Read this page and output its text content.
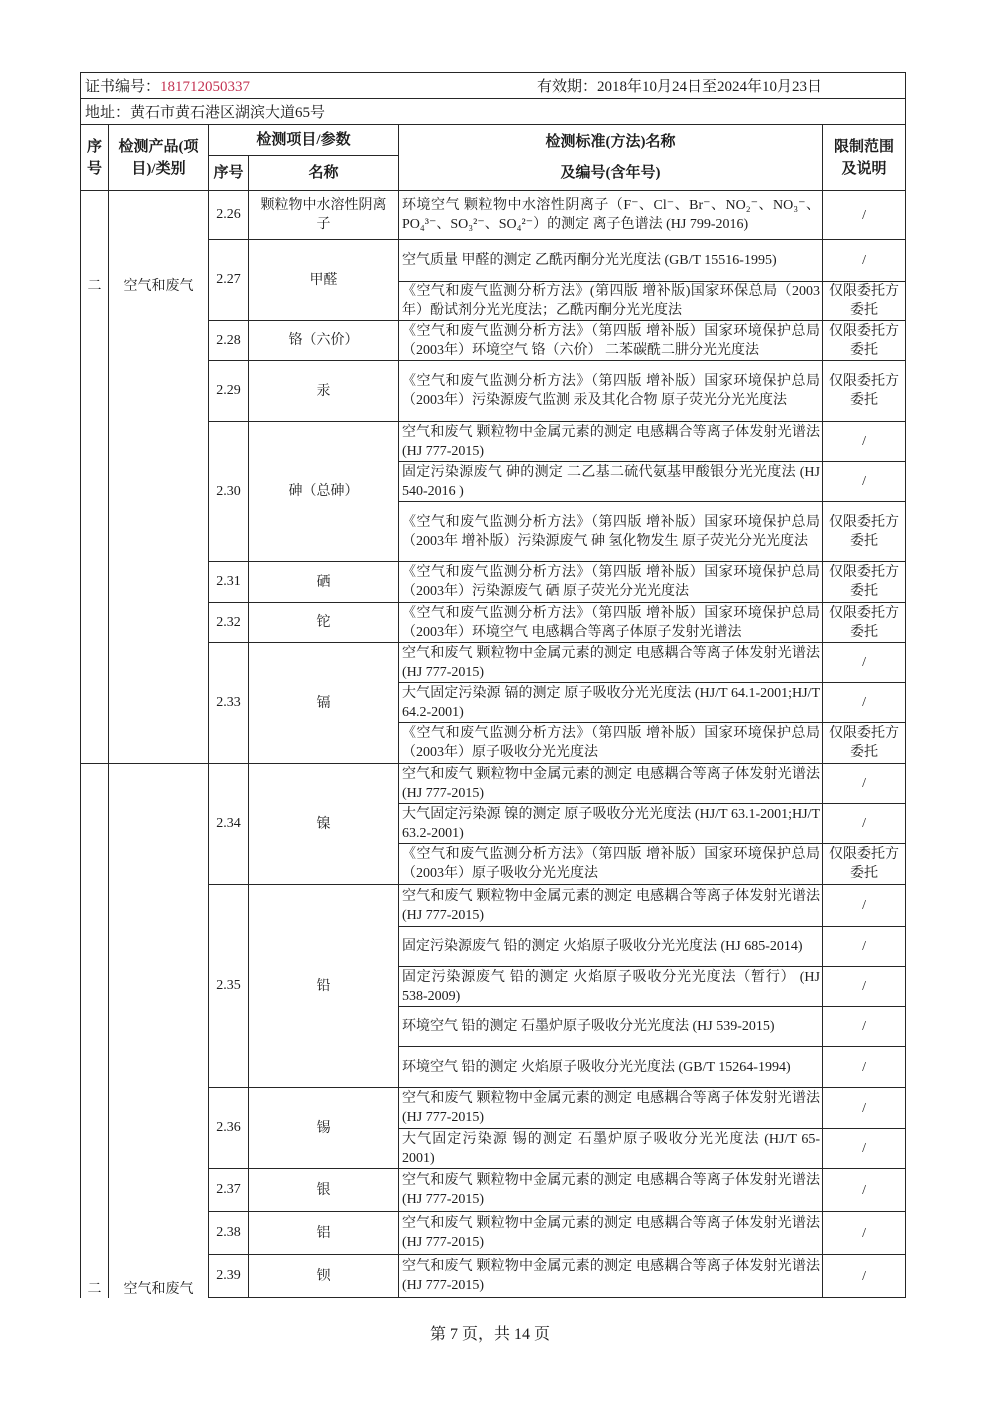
证书编号：181712050337 有效期：2018年10月24日至2024年10月23日					
地址：黄石市黄石港区湖滨大道65号					
序号	检测产品(项目)/类别	检测项目/参数		检测标准(方法)名称
及编号(含年号)	限制范围及说明
		序号	名称		
二	空气和废气	2.26	颗粒物中水溶性阴离子	环境空气 颗粒物中水溶性阴离子（F⁻、Cl⁻、Br⁻、NO₂⁻、NO₃⁻、PO₄³⁻、SO₃²⁻、SO₄²⁻）的测定 离子色谱法 (HJ 799-2016)	/
		2.27	甲醛	空气质量 甲醛的测定 乙酰丙酮分光光度法 (GB/T 15516-1995)	/
				《空气和废气监测分析方法》(第四版 增补版)国家环保总局（2003年）酚试剂分光光度法；乙酰丙酮分光光度法	仅限委托方委托
		2.28	铬（六价）	《空气和废气监测分析方法》（第四版 增补版）国家环境保护总局 （2003年）环境空气 铬（六价） 二苯碳酰二肼分光光度法	仅限委托方委托
		2.29	汞	《空气和废气监测分析方法》（第四版 增补版）国家环境保护总局 （2003年）污染源废气监测 汞及其化合物 原子荧光分光光度法	仅限委托方委托
		2.30	砷（总砷）	空气和废气 颗粒物中金属元素的测定 电感耦合等离子体发射光谱法(HJ 777-2015)	/
				固定污染源废气 砷的测定 二乙基二硫代氨基甲酸银分光光度法 (HJ 540-2016 )	/
				《空气和废气监测分析方法》（第四版 增补版）国家环境保护总局 （2003年 增补版）污染源废气 砷 氢化物发生 原子荧光分光光度法	仅限委托方委托
		2.31	硒	《空气和废气监测分析方法》（第四版 增补版）国家环境保护总局 （2003年）污染源废气 硒 原子荧光分光光度法	仅限委托方委托
		2.32	铊	《空气和废气监测分析方法》（第四版 增补版）国家环境保护总局 （2003年）环境空气 电感耦合等离子体原子发射光谱法	仅限委托方委托
		2.33	镉	空气和废气 颗粒物中金属元素的测定 电感耦合等离子体发射光谱法(HJ 777-2015)	/
				大气固定污染源 镉的测定 原子吸收分光光度法 (HJ/T 64.1-2001;HJ/T 64.2-2001)	/
				《空气和废气监测分析方法》（第四版 增补版）国家环境保护总局 （2003年）原子吸收分光光度法	仅限委托方委托
二	空气和废气	2.34	镍	空气和废气 颗粒物中金属元素的测定 电感耦合等离子体发射光谱法(HJ 777-2015)	/
				大气固定污染源 镍的测定 原子吸收分光光度法 (HJ/T 63.1-2001;HJ/T 63.2-2001)	/
				《空气和废气监测分析方法》（第四版 增补版）国家环境保护总局 （2003年）原子吸收分光光度法	仅限委托方委托
		2.35	铅	空气和废气 颗粒物中金属元素的测定 电感耦合等离子体发射光谱法(HJ 777-2015)	/
				固定污染源废气 铅的测定 火焰原子吸收分光光度法 (HJ 685-2014)	/
				固定污染源废气 铅的测定 火焰原子吸收分光光度法（暂行） (HJ 538-2009)	/
				环境空气 铅的测定 石墨炉原子吸收分光光度法 (HJ 539-2015)	/
				环境空气 铅的测定 火焰原子吸收分光光度法 (GB/T 15264-1994)	/
		2.36	锡	空气和废气 颗粒物中金属元素的测定 电感耦合等离子体发射光谱法(HJ 777-2015)	/
				大气固定污染源 锡的测定 石墨炉原子吸收分光光度法 (HJ/T 65-2001)	/
		2.37	银	空气和废气 颗粒物中金属元素的测定 电感耦合等离子体发射光谱法(HJ 777-2015)	/
		2.38	铝	空气和废气 颗粒物中金属元素的测定 电感耦合等离子体发射光谱法(HJ 777-2015)	/
		2.39	钡	空气和废气 颗粒物中金属元素的测定 电感耦合等离子体发射光谱法(HJ 777-2015)	/
第 7 页，共 14 页
